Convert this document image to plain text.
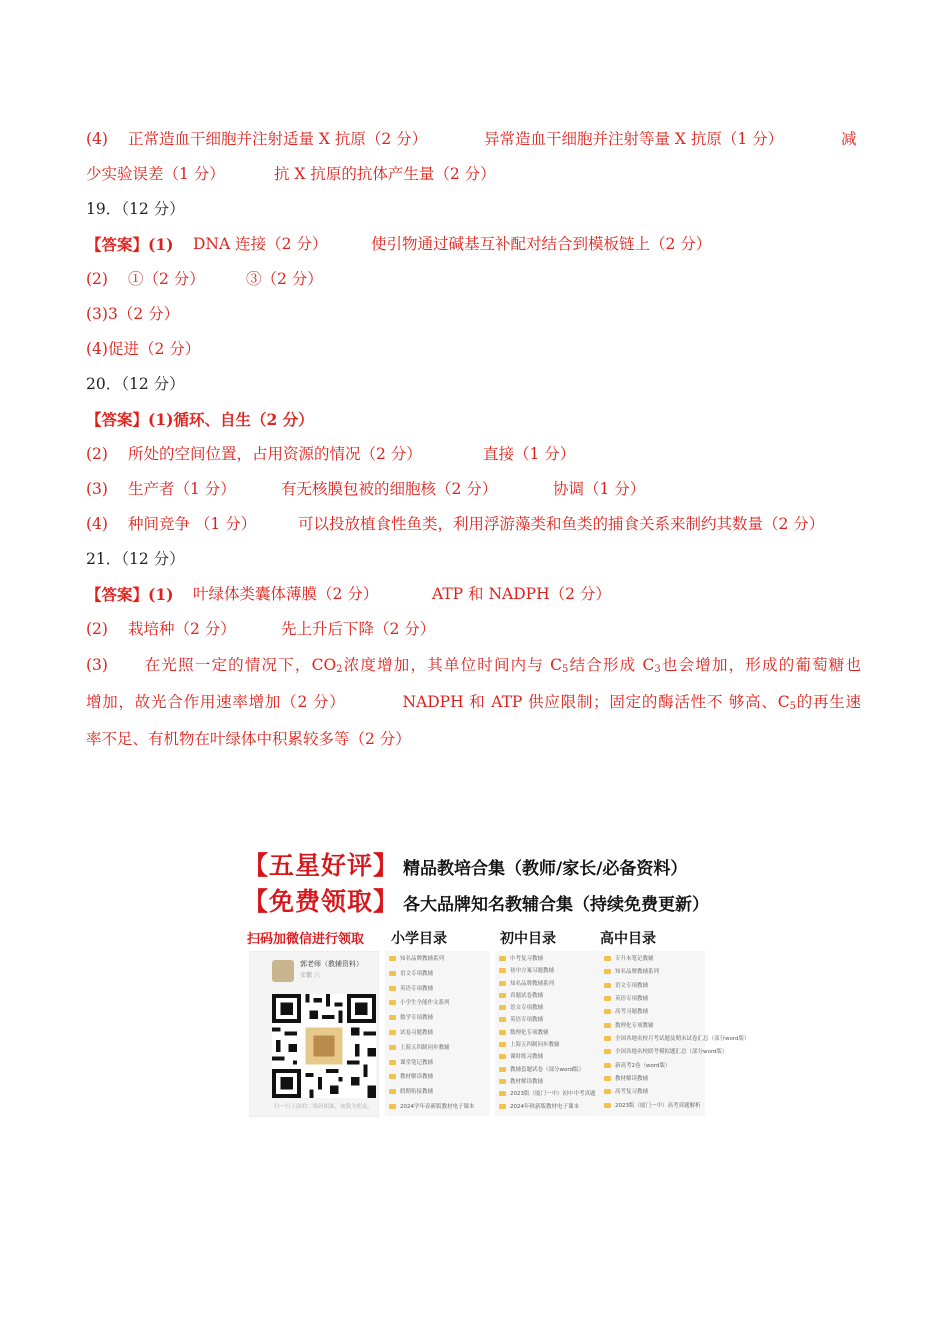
(4) 正常造血干细胞并注射适量 X 抗原（2 分）	异常造血干细胞并注射等量 X 抗原（1 分）	减
少实验误差（1 分）	抗 X 抗原的抗体产生量（2 分）
19．（12 分）
【答案】(1) DNA 连接（2 分）	使引物通过碱基互补配对结合到模板链上（2 分）
(2) ①（2 分）	③（2 分）
(3)3（2 分）
(4)促进（2 分）
20．（12 分）
【答案】(1)循环、自生（2 分）
(2) 所处的空间位置，占用资源的情况（2 分）	直接（1 分）
(3) 生产者（1 分）	有无核膜包被的细胞核（2 分）	协调（1 分）
(4) 种间竞争 （1 分）	可以投放植食性鱼类，利用浮游藻类和鱼类的捕食关系来制约其数量（2 分）
21．（12 分）
【答案】(1) 叶绿体类囊体薄膜（2 分）	ATP 和 NADPH（2 分）
(2) 栽培种（2 分）	先上升后下降（2 分）
(3) 在光照一定的情况下，$CO_2$浓度增加，其单位时间内与 $C_5$结合形成 $C_3$也会增加，形成的葡萄糖也
增加，故光合作用速率增加（2 分）	NADPH 和 ATP 供应限制；固定的酶活性不 够高、$C_5$的再生速
率不足、有机物在叶绿体中积累较多等（2 分）
【五星好评】 精品教培合集（教师/家长/必备资料）
【免费领取】 各大品牌知名教辅合集（持续免费更新）
扫码加微信进行领取
郭老师（教辅资料）
安徽 六
扫一扫上面的二维码图案，加我为朋友。
小学目录	初中目录	高中目录
知名品牌教辅系列
语文专项教辅
英语专项教辅
小学生全能作文系列
数学专项教辅
试卷习题教辅
上海五四制同步教辅
课堂笔记教辅
教材解读教辅
假期衔接教辅
2024学年春新版教材电子课本
中考复习教辅
初中方案习题教辅
知名品牌教辅系列
真题试卷教辅
语文专项教辅
英语专项教辅
数理化专项教辅
上海五四制同步教辅
课时练习教辅
教辅套题试卷（部分word版）
教材解读教辅
2023版（厦门一中）初中中考真题
2024年秋新版教材电子课本
专升本笔记教辅
知名品牌教辅系列
语文专项教辅
英语专项教辅
高考习题教辅
数理化专项教辅
全国各地名校月考试题及期末试卷汇总（部分word版）
全国各地名校联考模拟题汇总（部分word版）
新高考2卷（word版）
教材解读教辅
高考复习教辅
2023版（厦门一中）高考真题解析
